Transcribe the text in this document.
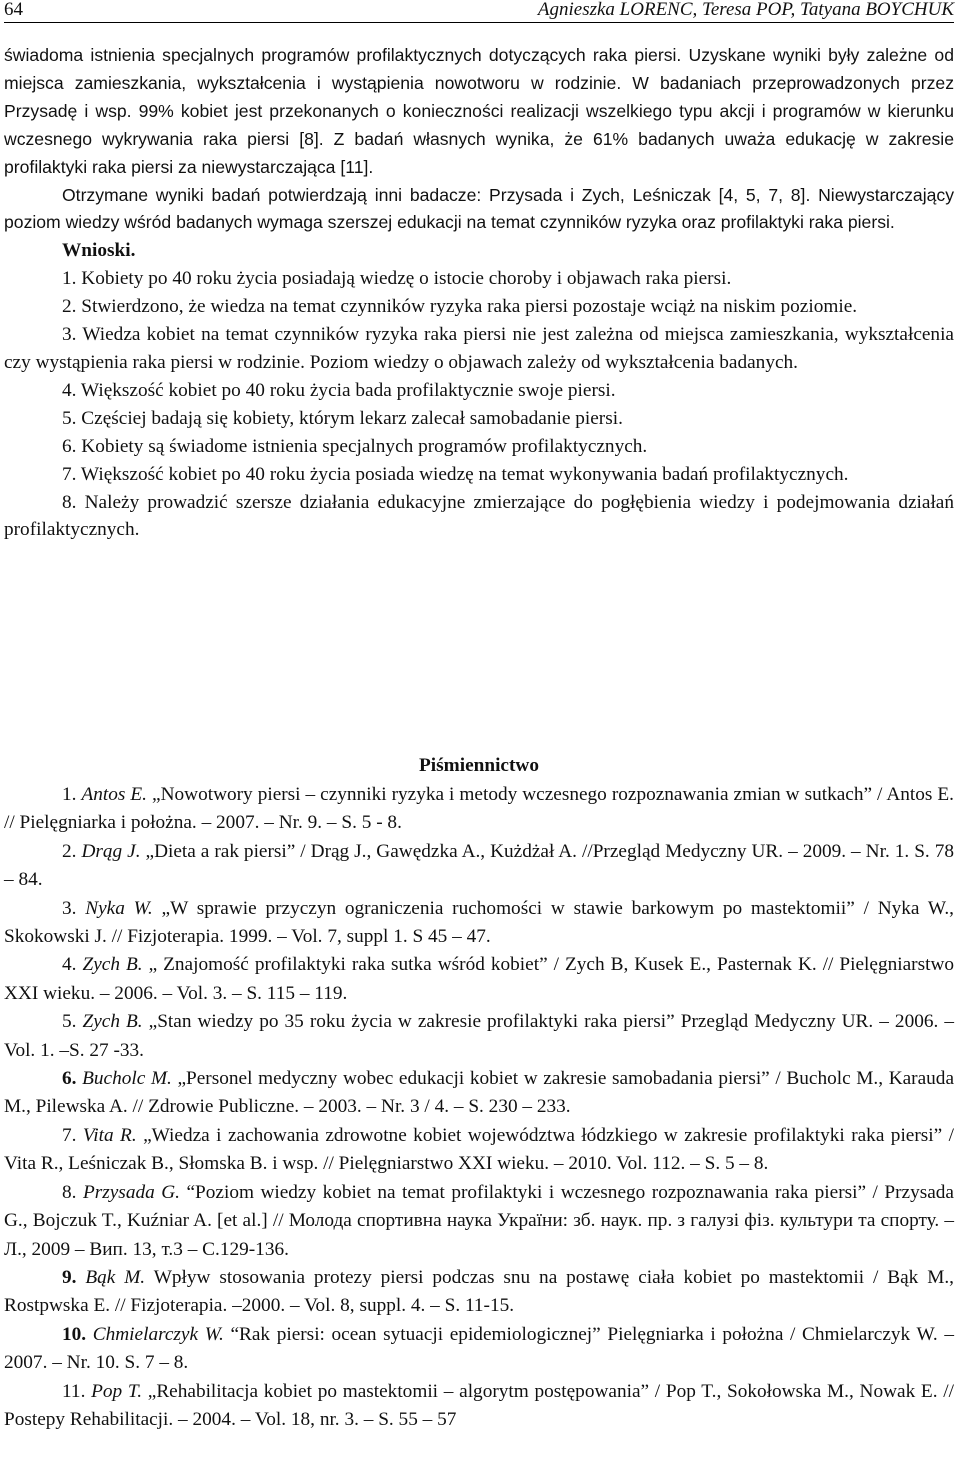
64	Agnieszka LORENC, Teresa POP, Tatyana BOYCHUK

świadoma istnienia specjalnych programów profilaktycznych dotyczących raka piersi. Uzyskane wyniki były zależne od miejsca zamieszkania, wykształcenia i wystąpienia nowotworu w rodzinie. W badaniach przeprowadzonych przez Przysadę i wsp. 99% kobiet jest przekonanych o konieczności realizacji wszelkiego typu akcji i programów w kierunku wczesnego wykrywania raka piersi [8]. Z badań własnych wynika, że 61% badanych uważa edukację w zakresie profilaktyki raka piersi za niewystarczająca [11].

Otrzymane wyniki badań potwierdzają inni badacze: Przysada i Zych, Leśniczak [4, 5, 7, 8]. Niewystarczający poziom wiedzy wśród badanych wymaga szerszej edukacji na temat czynników ryzyka oraz profilaktyki raka piersi.

Wnioski.

1. Kobiety po 40 roku życia posiadają wiedzę o istocie choroby i objawach raka piersi.

2. Stwierdzono, że wiedza na temat czynników ryzyka raka piersi pozostaje wciąż na niskim poziomie.

3. Wiedza kobiet na temat czynników ryzyka raka piersi nie jest zależna od miejsca zamieszkania, wykształcenia czy wystąpienia raka piersi w rodzinie. Poziom wiedzy o objawach zależy od wykształcenia badanych.

4. Większość kobiet po 40 roku życia bada profilaktycznie swoje piersi.

5. Częściej badają się kobiety, którym lekarz zalecał samobadanie piersi.

6. Kobiety są świadome istnienia specjalnych programów profilaktycznych.

7. Większość kobiet po 40 roku życia posiada wiedzę na temat wykonywania badań profilaktycznych.

8. Należy prowadzić szersze działania edukacyjne zmierzające do pogłębienia wiedzy i podejmowania działań profilaktycznych.

Piśmiennictwo

1. Antos E. „Nowotwory piersi – czynniki ryzyka i metody wczesnego rozpoznawania zmian w sutkach” / Antos E. // Pielęgniarka i położna. – 2007. – Nr. 9. – S. 5 - 8.

2. Drąg J. „Dieta a rak piersi” / Drąg J., Gawędzka A., Kużdżał A. //Przegląd Medyczny UR. – 2009. – Nr. 1. S. 78 – 84.

3. Nyka W. „W sprawie przyczyn ograniczenia ruchomości w stawie barkowym po mastektomii” / Nyka W., Skokowski J. // Fizjoterapia. 1999. – Vol. 7, suppl 1. S 45 – 47.

4. Zych B. „ Znajomość profilaktyki raka sutka wśród kobiet” / Zych B, Kusek E., Pasternak K. // Pielęgniarstwo XXI wieku. – 2006. – Vol. 3. – S. 115 – 119.

5. Zych B. „Stan wiedzy po 35 roku życia w zakresie profilaktyki raka piersi” Przegląd Medyczny UR. – 2006. – Vol. 1. –S. 27 -33.

6. Bucholc M. „Personel medyczny wobec edukacji kobiet w zakresie samobadania piersi” / Bucholc M., Karauda M., Pilewska A. // Zdrowie Publiczne. – 2003. – Nr. 3 / 4. – S. 230 – 233.

7. Vita R. „Wiedza i zachowania zdrowotne kobiet województwa łódzkiego w zakresie profilaktyki raka piersi” / Vita R., Leśniczak B., Słomska B. i wsp. // Pielęgniarstwo XXI wieku. – 2010. Vol. 112. – S. 5 – 8.

8. Przysada G. “Poziom wiedzy kobiet na temat profilaktyki i wczesnego rozpoznawania raka piersi” / Przysada G., Bojczuk T., Kuźniar A. [et al.] // Молода спортивна наука України: зб. наук. пр. з галузі фіз. культури та спорту. – Л., 2009 – Вип. 13, т.3 – С.129-136.

9. Bąk M. Wpływ stosowania protezy piersi podczas snu na postawę ciała kobiet po mastektomii / Bąk M., Rostpwska E. // Fizjoterapia. –2000. – Vol. 8, suppl. 4. – S. 11-15.

10. Chmielarczyk W. “Rak piersi: ocean sytuacji epidemiologicznej” Pielęgniarka i położna / Chmielarczyk W. – 2007. – Nr. 10. S. 7 – 8.

11. Pop T. „Rehabilitacja kobiet po mastektomii – algorytm postępowania” / Pop T., Sokołowska M., Nowak E. // Postepy Rehabilitacji. – 2004. – Vol. 18, nr. 3. – S. 55 – 57
